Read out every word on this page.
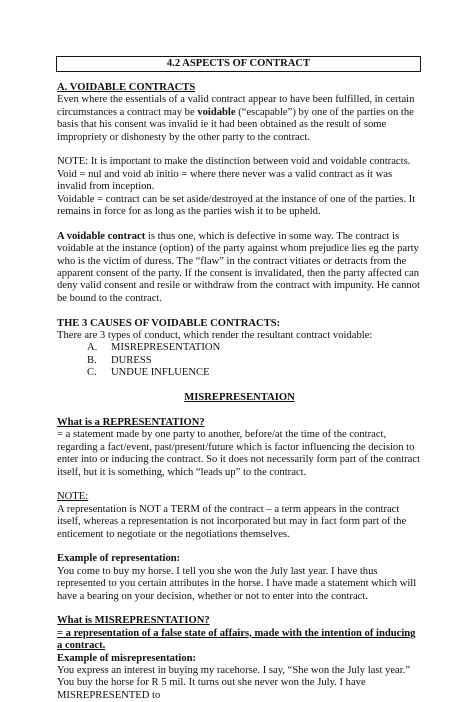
4.2 ASPECTS OF CONTRACT

A. VOIDABLE CONTRACTS

Even where the essentials of a valid contract appear to have been fulfilled, in certain circumstances a contract may be voidable (“escapable”) by one of the parties on the basis that his consent was invalid ie it had been obtained as the result of some impropriety or dishonesty by the other party to the contract.

NOTE: It is important to make the distinction between void and voidable contracts. Void = nul and void ab initio = where there never was a valid contract as it was invalid from inception.

Voidable = contract can be set aside/destroyed at the instance of one of the parties. It remains in force for as long as the parties wish it to be upheld.

A voidable contract is thus one, which is defective in some way. The contract is voidable at the instance (option) of the party against whom prejudice lies eg the party who is the victim of duress. The “flaw” in the contract vitiates or detracts from the apparent consent of the party. If the consent is invalidated, then the party affected can deny valid consent and resile or withdraw from the contract with impunity. He cannot be bound to the contract.

THE 3 CAUSES OF VOIDABLE CONTRACTS:

There are 3 types of conduct, which render the resultant contract voidable:

A.	MISREPRESENTATION
B.	DURESS
C.	UNDUE INFLUENCE

MISREPRESENTAION

What is a REPRESENTATION?

= a statement made by one party to another, before/at the time of the contract, regarding a fact/event, past/present/future which is factor influencing the decision to enter into or inducing the contract. So it does not necessarily form part of the contract itself, but it is something, which “leads up” to the contract.

NOTE:

A representation is NOT a TERM of the contract – a term appears in the contract itself, whereas a representation is not incorporated but may in fact form part of the enticement to negotiate or the negotiations themselves.

Example of representation:

You come to buy my horse. I tell you she won the July last year. I have thus represented to you certain attributes in the horse. I have made a statement which will have a bearing on your decision, whether or not to enter into the contract.

What is MISREPRESNTATION?

= a representation of a false state of affairs, made with the intention of inducing a contract.

Example of misrepresentation:

You express an interest in buying my racehorse. I say, “She won the July last year.” You buy the horse for R 5 mil. It turns out she never won the July. I have MISREPRESENTED to
